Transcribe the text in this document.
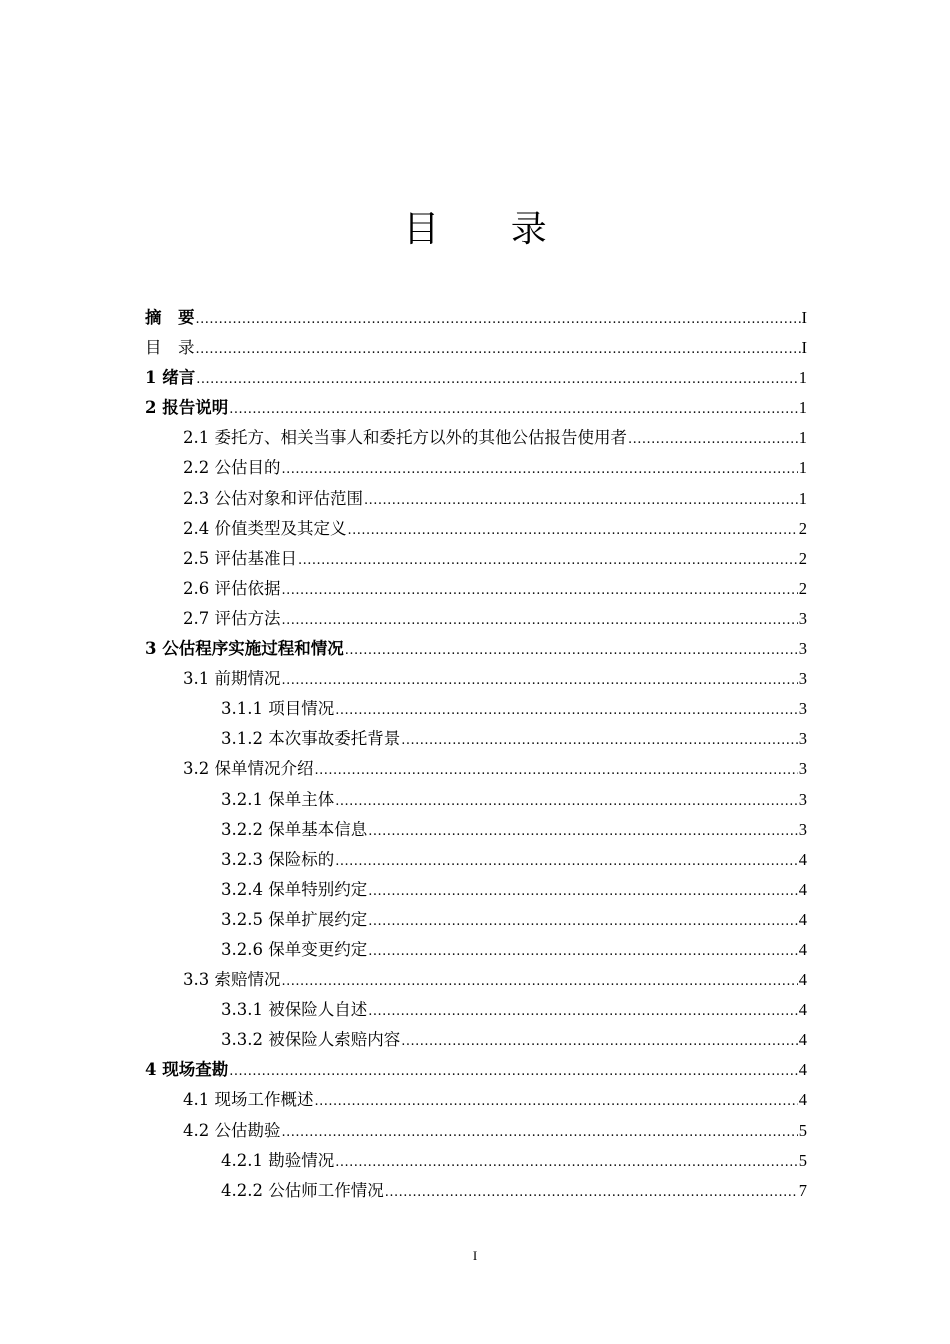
目 录
摘　要 .....	I
目　录 .....	I
1 绪言 .....	1
2 报告说明 .....	1
2.1 委托方、相关当事人和委托方以外的其他公估报告使用者 .....	1
2.2 公估目的 .....	1
2.3 公估对象和评估范围 .....	1
2.4 价值类型及其定义 .....	2
2.5 评估基准日 .....	2
2.6 评估依据 .....	2
2.7 评估方法 .....	3
3 公估程序实施过程和情况 .....	3
3.1 前期情况 .....	3
3.1.1 项目情况 .....	3
3.1.2 本次事故委托背景 .....	3
3.2 保单情况介绍 .....	3
3.2.1 保单主体 .....	3
3.2.2 保单基本信息 .....	3
3.2.3 保险标的 .....	4
3.2.4 保单特别约定 .....	4
3.2.5 保单扩展约定 .....	4
3.2.6 保单变更约定 .....	4
3.3 索赔情况 .....	4
3.3.1 被保险人自述 .....	4
3.3.2 被保险人索赔内容 .....	4
4 现场查勘 .....	4
4.1 现场工作概述 .....	4
4.2 公估勘验 .....	5
4.2.1 勘验情况 .....	5
4.2.2 公估师工作情况 .....	7
I
